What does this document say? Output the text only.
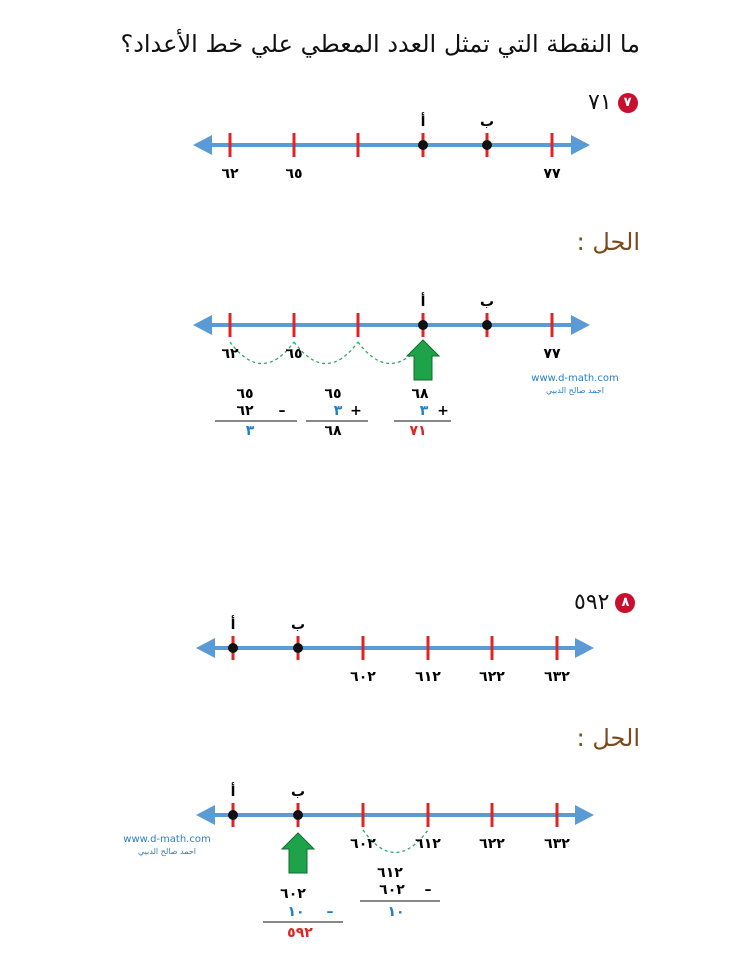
ما النقطة التي تمثل العدد المعطي علي خط الأعداد؟
٧١ ٧
أ	ب
٦٢	٦٥	٧٧
الحل :
أ	ب
٦٢	٦٥	٧٧
٦٥
٦٢ –
٣
٦٥
٣ +
٦٨
٦٨
٣ +
٧١
www.d-math.com
احمد صالح الدبيي
٥٩٢ ٨
أ	ب
٦٠٢	٦١٢	٦٢٢	٦٣٢
الحل :
أ	ب
٦٠٢	٦١٢	٦٢٢	٦٣٢
٦٠٢
١٠ –
٥٩٢
٦١٢
٦٠٢ –
١٠
www.d-math.com
احمد صالح الدبيي
